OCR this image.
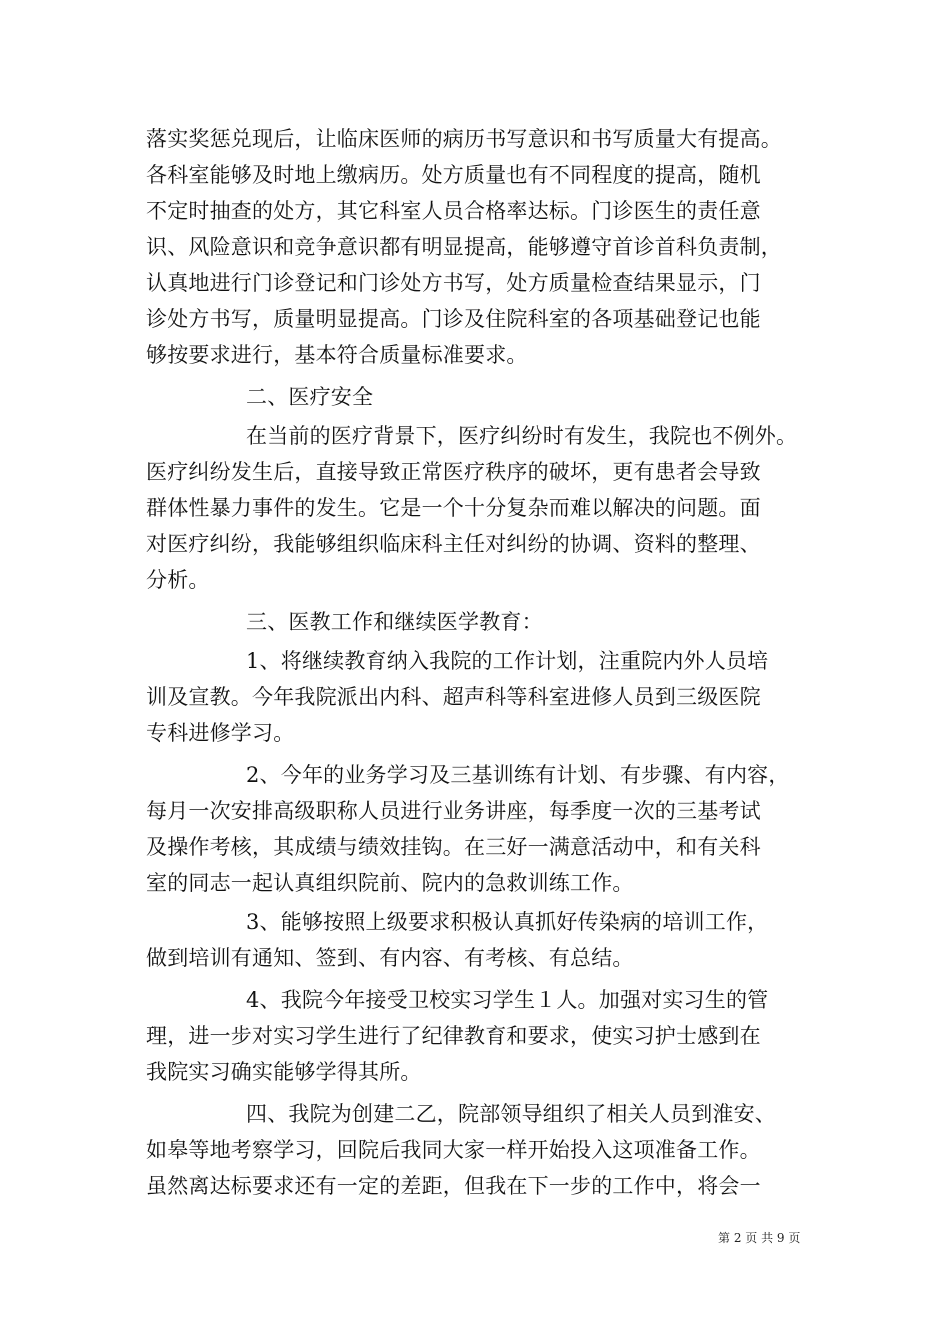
落实奖惩兑现后，让临床医师的病历书写意识和书写质量大有提高。
各科室能够及时地上缴病历。处方质量也有不同程度的提高，随机
不定时抽查的处方，其它科室人员合格率达标。门诊医生的责任意
识、风险意识和竞争意识都有明显提高，能够遵守首诊首科负责制，
认真地进行门诊登记和门诊处方书写，处方质量检查结果显示，门
诊处方书写，质量明显提高。门诊及住院科室的各项基础登记也能
够按要求进行，基本符合质量标准要求。
二、医疗安全
在当前的医疗背景下，医疗纠纷时有发生，我院也不例外。
医疗纠纷发生后，直接导致正常医疗秩序的破坏，更有患者会导致
群体性暴力事件的发生。它是一个十分复杂而难以解决的问题。面
对医疗纠纷，我能够组织临床科主任对纠纷的协调、资料的整理、
分析。
三、医教工作和继续医学教育：
1、将继续教育纳入我院的工作计划，注重院内外人员培
训及宣教。今年我院派出内科、超声科等科室进修人员到三级医院
专科进修学习。
2、今年的业务学习及三基训练有计划、有步骤、有内容，
每月一次安排高级职称人员进行业务讲座，每季度一次的三基考试
及操作考核，其成绩与绩效挂钩。在三好一满意活动中，和有关科
室的同志一起认真组织院前、院内的急救训练工作。
3、能够按照上级要求积极认真抓好传染病的培训工作，
做到培训有通知、签到、有内容、有考核、有总结。
4、我院今年接受卫校实习学生１人。加强对实习生的管
理，进一步对实习学生进行了纪律教育和要求，使实习护士感到在
我院实习确实能够学得其所。
四、我院为创建二乙，院部领导组织了相关人员到淮安、
如皋等地考察学习，回院后我同大家一样开始投入这项准备工作。
虽然离达标要求还有一定的差距，但我在下一步的工作中，将会一
第 2 页 共 9 页
